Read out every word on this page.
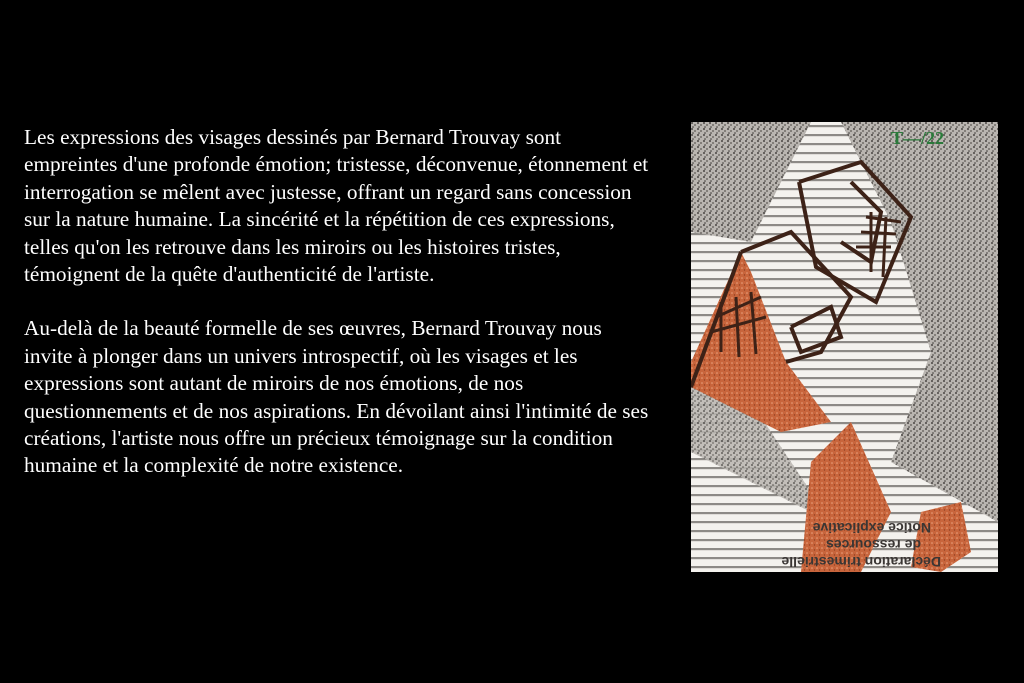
Les expressions des visages dessinés par Bernard Trouvay sont empreintes d'une profonde émotion; tristesse, déconvenue, étonnement et interrogation se mêlent avec justesse, offrant un regard sans concession sur la nature humaine. La sincérité et la répétition de ces expressions, telles qu'on les retrouve dans les miroirs ou les histoires tristes, témoignent de la quête d'authenticité de l'artiste.

Au-delà de la beauté formelle de ses œuvres, Bernard Trouvay nous invite à plonger dans un univers introspectif, où les visages et les expressions sont autant de miroirs de nos émotions, de nos questionnements et de nos aspirations. En dévoilant ainsi l'intimité de ses créations, l'artiste nous offre un précieux témoignage sur la condition humaine et la complexité de notre existence.

Déclaration trimestrielle
de ressources
Notice explicative
T—/22
